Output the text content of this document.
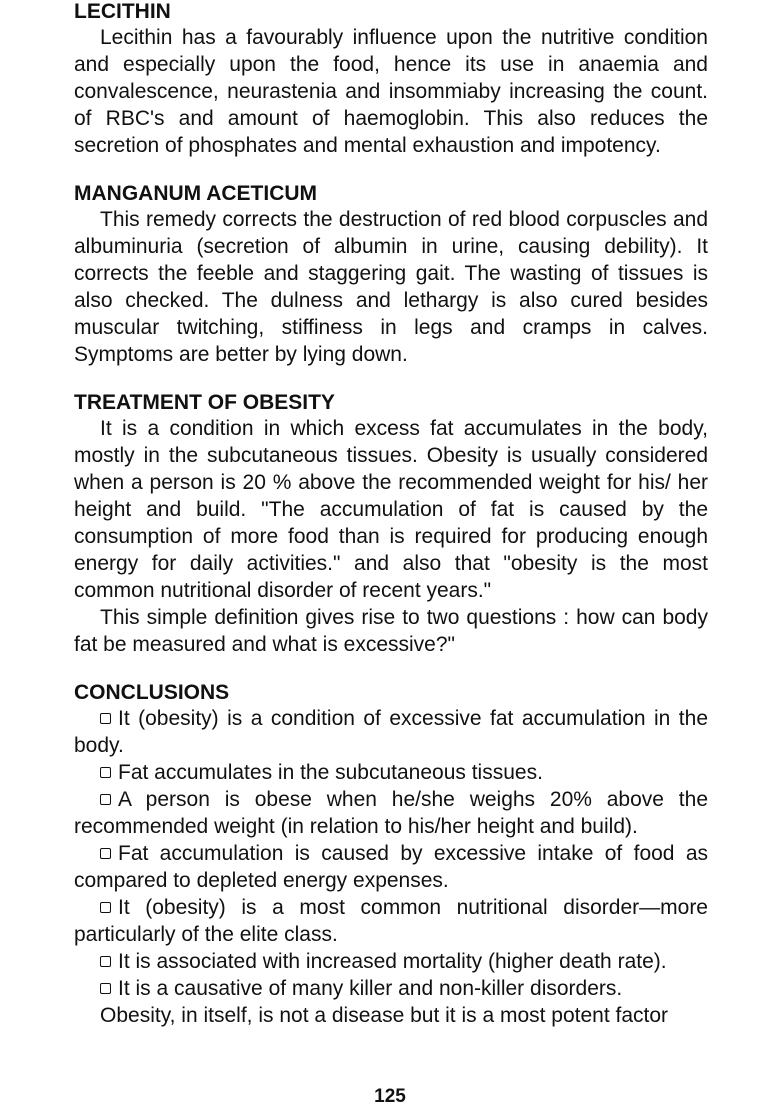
LECITHIN

Lecithin has a favourably influence upon the nutritive condition and especially upon the food, hence its use in anaemia and convalescence, neurastenia and insommiaby increasing the count. of RBC's and amount of haemoglobin. This also reduces the secretion of phosphates and mental exhaustion and impotency.

MANGANUM ACETICUM

This remedy corrects the destruction of red blood corpuscles and albuminuria (secretion of albumin in urine, causing debility). It corrects the feeble and staggering gait. The wasting of tissues is also checked. The dulness and lethargy is also cured besides muscular twitching, stiffiness in legs and cramps in calves. Symptoms are better by lying down.

TREATMENT OF OBESITY

It is a condition in which excess fat accumulates in the body, mostly in the subcutaneous tissues. Obesity is usually considered when a person is 20 % above the recommended weight for his/ her height and build. "The accumulation of fat is caused by the consumption of more food than is required for producing enough energy for daily activities." and also that "obesity is the most common nutritional disorder of recent years."

This simple definition gives rise to two questions : how can body fat be measured and what is excessive?"

CONCLUSIONS
It (obesity) is a condition of excessive fat accumulation in the body.
Fat accumulates in the subcutaneous tissues.
A person is obese when he/she weighs 20% above the recommended weight (in relation to his/her height and build).
Fat accumulation is caused by excessive intake of food as compared to depleted energy expenses.
It (obesity) is a most common nutritional disorder—more particularly of the elite class.
It is associated with increased mortality (higher death rate).
It is a causative of many killer and non-killer disorders.

Obesity, in itself, is not a disease but it is a most potent factor

125
